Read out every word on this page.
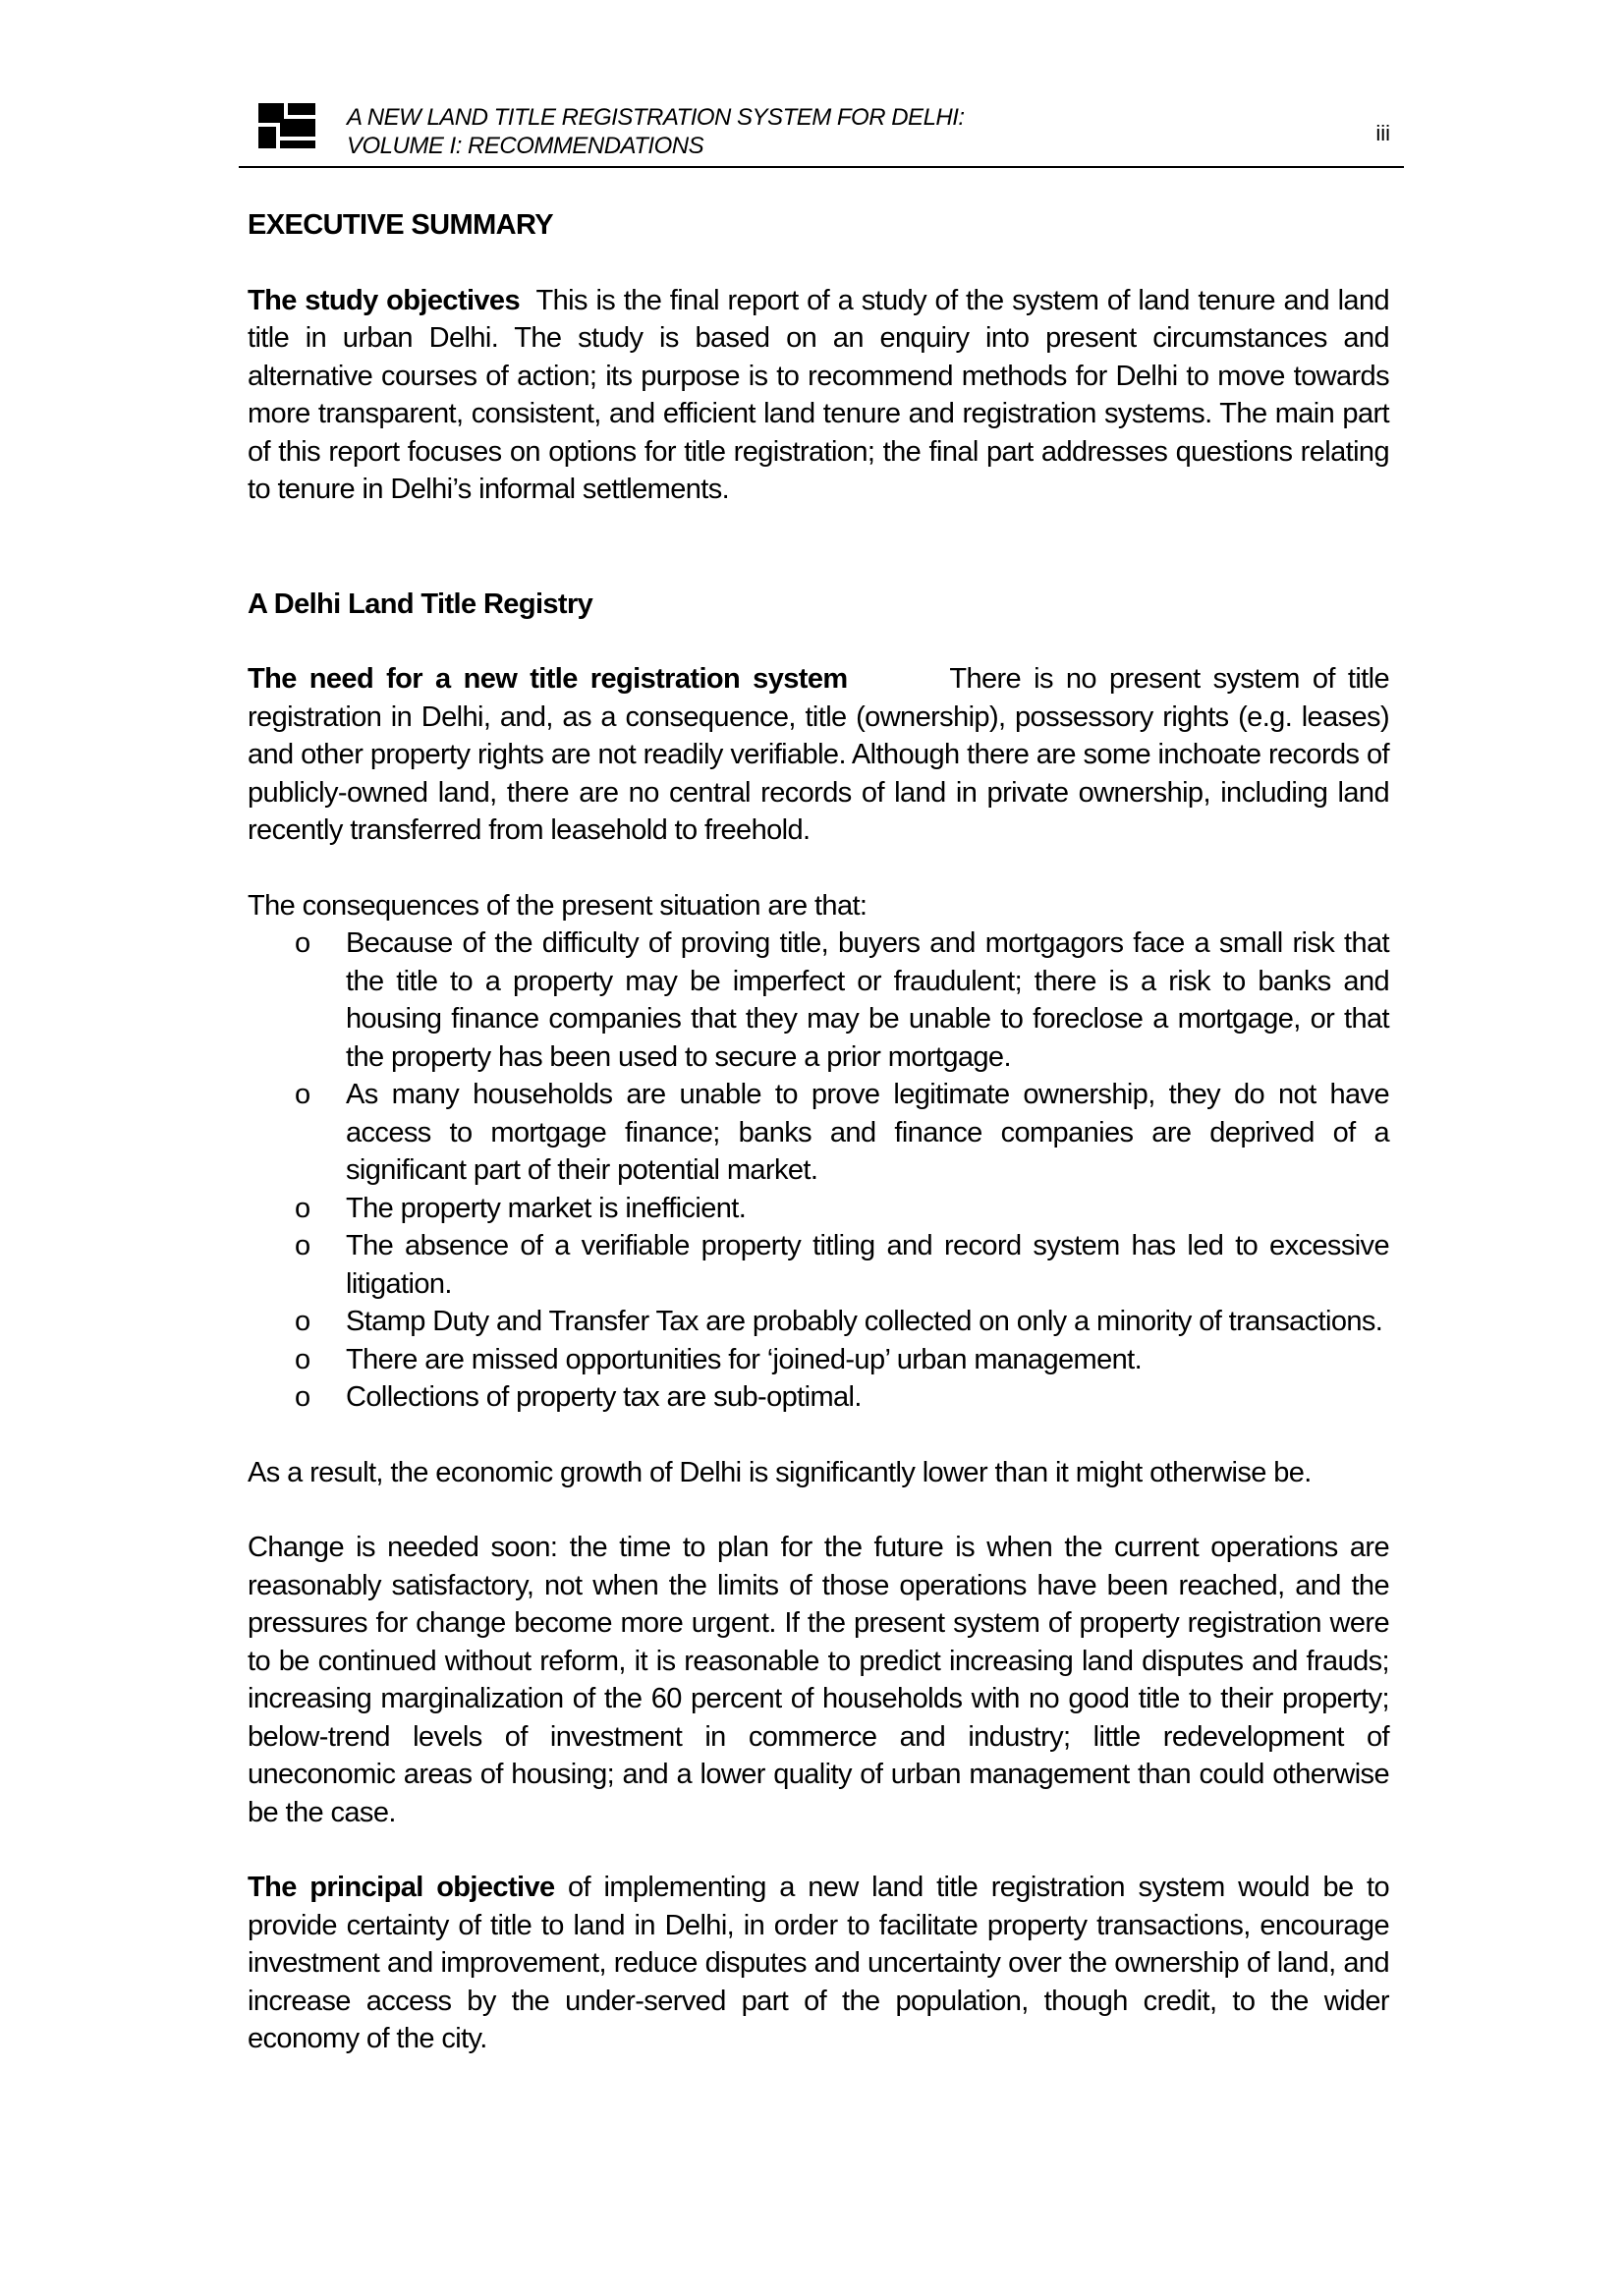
A NEW LAND TITLE REGISTRATION SYSTEM FOR DELHI:
VOLUME I: RECOMMENDATIONS	iii
EXECUTIVE SUMMARY

The study objectives This is the final report of a study of the system of land tenure and land title in urban Delhi. The study is based on an enquiry into present circumstances and alternative courses of action; its purpose is to recommend methods for Delhi to move towards more transparent, consistent, and efficient land tenure and registration systems. The main part of this report focuses on options for title registration; the final part addresses questions relating to tenure in Delhi’s informal settlements.

A Delhi Land Title Registry

The need for a new title registration system	There is no present system of title registration in Delhi, and, as a consequence, title (ownership), possessory rights (e.g. leases) and other property rights are not readily verifiable. Although there are some inchoate records of publicly-owned land, there are no central records of land in private ownership, including land recently transferred from leasehold to freehold.

The consequences of the present situation are that:

o Because of the difficulty of proving title, buyers and mortgagors face a small risk that the title to a property may be imperfect or fraudulent; there is a risk to banks and housing finance companies that they may be unable to foreclose a mortgage, or that the property has been used to secure a prior mortgage.
o As many households are unable to prove legitimate ownership, they do not have access to mortgage finance; banks and finance companies are deprived of a significant part of their potential market.
o The property market is inefficient.
o The absence of a verifiable property titling and record system has led to excessive litigation.
o Stamp Duty and Transfer Tax are probably collected on only a minority of transactions.
o There are missed opportunities for ‘joined-up’ urban management.
o Collections of property tax are sub-optimal.

As a result, the economic growth of Delhi is significantly lower than it might otherwise be.

Change is needed soon: the time to plan for the future is when the current operations are reasonably satisfactory, not when the limits of those operations have been reached, and the pressures for change become more urgent. If the present system of property registration were to be continued without reform, it is reasonable to predict increasing land disputes and frauds; increasing marginalization of the 60 percent of households with no good title to their property; below-trend levels of investment in commerce and industry; little redevelopment of uneconomic areas of housing; and a lower quality of urban management than could otherwise be the case.

The principal objective of implementing a new land title registration system would be to provide certainty of title to land in Delhi, in order to facilitate property transactions, encourage investment and improvement, reduce disputes and uncertainty over the ownership of land, and increase access by the under-served part of the population, though credit, to the wider economy of the city.
